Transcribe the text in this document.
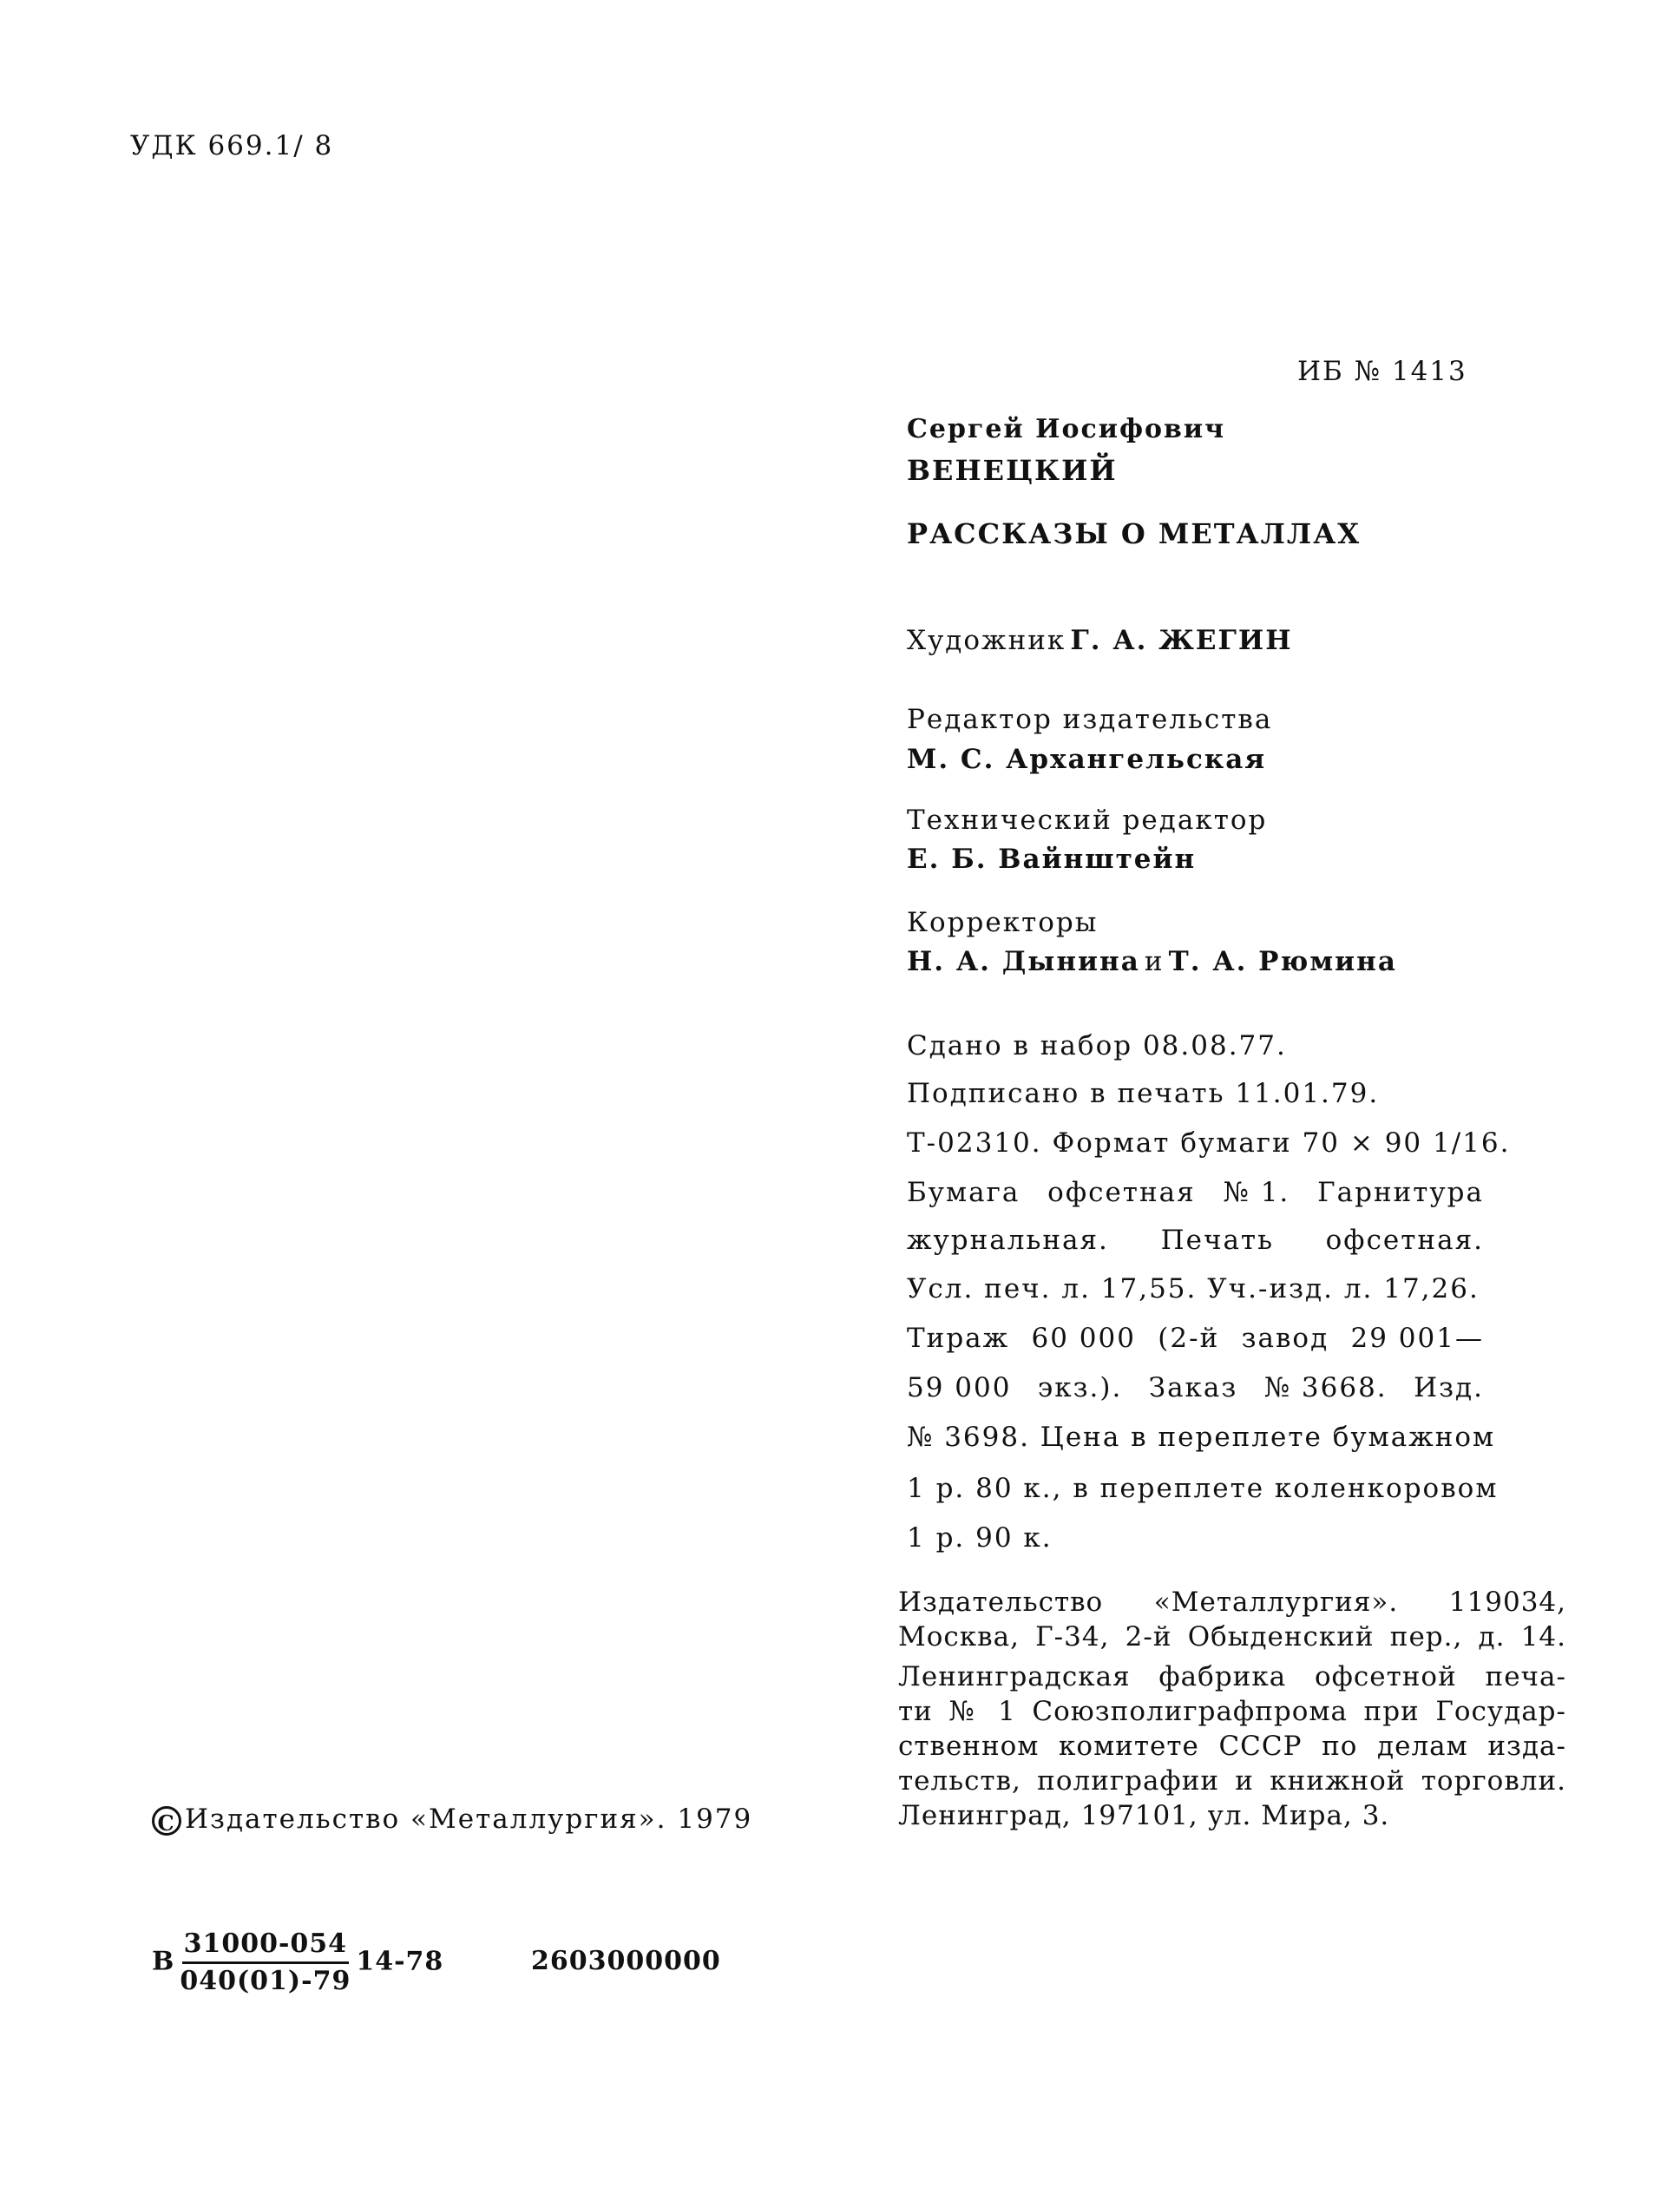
УДК 669.1/ 8
ИБ № 1413
Сергей Иосифович
ВЕНЕЦКИЙ
РАССКАЗЫ О МЕТАЛЛАХ
Художник Г. А. ЖЕГИН
Редактор издательства
М. С. Архангельская
Технический редактор
Е. Б. Вайнштейн
Корректоры
Н. А. Дынина и Т. А. Рюмина
Сдано в набор 08.08.77.
Подписано в печать 11.01.79.
Т-02310. Формат бумаги 70 × 90 1/16.
Бумага офсетная № 1. Гарнитура
журнальная. Печать офсетная.
Усл. печ. л. 17,55. Уч.-изд. л. 17,26.
Тираж 60 000 (2-й завод 29 001—
59 000 экз.). Заказ № 3668. Изд.
№ 3698. Цена в переплете бумажном
1 р. 80 к., в переплете коленкоровом
1 р. 90 к.
Издательство «Металлургия». 119034,
Москва, Г-34, 2-й Обыденский пер., д. 14.
Ленинградская фабрика офсетной печа-
ти № 1 Союзполиграфпрома при Государ-
ственном комитете СССР по делам изда-
тельств, полиграфии и книжной торговли.
Ленинград, 197101, ул. Мира, 3.
C Издательство «Металлургия». 1979
В $\frac{31000-054}{040(01)-79} 14-78$	2603000000
